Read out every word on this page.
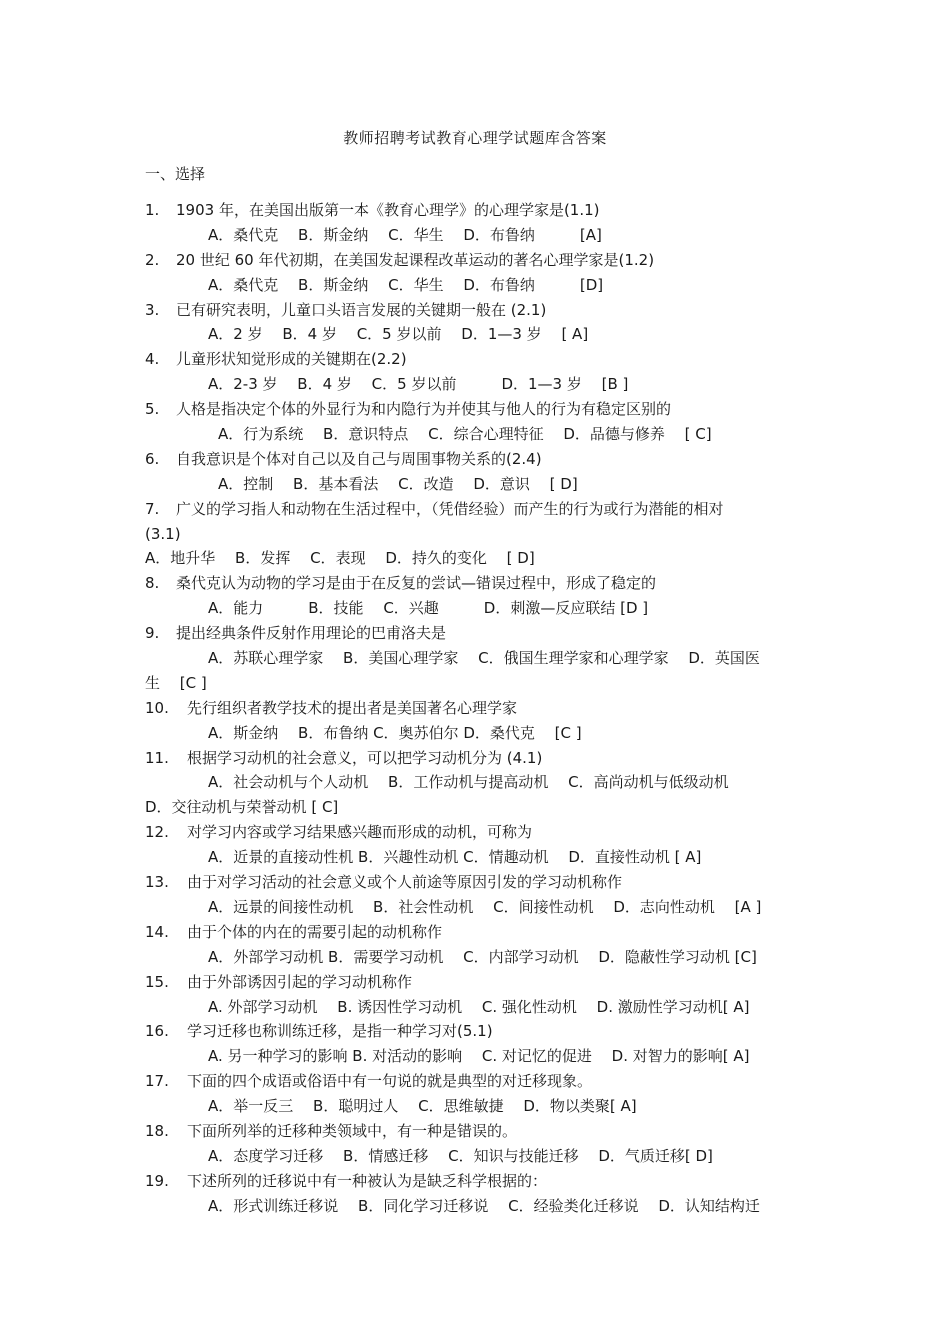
教师招聘考试教育心理学试题库含答案
一、选择
1. 1903 年，在美国出版第一本《教育心理学》的心理学家是(1.1)
A．桑代克　 B．斯金纳　 C．华生　 D．布鲁纳　　　[A]
2. 20 世纪 60 年代初期，在美国发起课程改革运动的著名心理学家是(1.2)
A．桑代克　 B．斯金纳　 C．华生　 D．布鲁纳　　　[D]
3. 已有研究表明，儿童口头语言发展的关键期一般在 (2.1)
A．2 岁　 B．4 岁　 C．5 岁以前　 D．1—3 岁　 [ A]
4. 儿童形状知觉形成的关键期在(2.2)
A．2-3 岁　 B．4 岁　 C．5 岁以前　　　D．1—3 岁　 [B ]
5. 人格是指决定个体的外显行为和内隐行为并使其与他人的行为有稳定区别的
A．行为系统　 B．意识特点　 C．综合心理特征　 D．品德与修养　 [ C]
6. 自我意识是个体对自己以及自己与周围事物关系的(2.4)
A．控制　 B．基本看法　 C．改造　 D．意识　 [ D]
7. 广义的学习指人和动物在生活过程中，（凭借经验）而产生的行为或行为潜能的相对
(3.1)
A．地升华　 B．发挥　 C．表现　 D．持久的变化　 [ D]
8. 桑代克认为动物的学习是由于在反复的尝试—错误过程中，形成了稳定的
A．能力　　　B．技能　 C．兴趣　　　D．刺激—反应联结 [D ]
9. 提出经典条件反射作用理论的巴甫洛夫是
A．苏联心理学家　 B．美国心理学家　 C．俄国生理学家和心理学家　 D．英国医
生　 [C ]
10. 先行组织者教学技术的提出者是美国著名心理学家
A．斯金纳　 B．布鲁纳 C．奥苏伯尔 D．桑代克　 [C ]
11. 根据学习动机的社会意义，可以把学习动机分为 (4.1)
A．社会动机与个人动机　 B．工作动机与提高动机　 C．高尚动机与低级动机
D．交往动机与荣誉动机 [ C]
12. 对学习内容或学习结果感兴趣而形成的动机，可称为
A．近景的直接动性机 B．兴趣性动机 C．情趣动机　 D．直接性动机 [ A]
13. 由于对学习活动的社会意义或个人前途等原因引发的学习动机称作
A．远景的间接性动机　 B．社会性动机　 C．间接性动机　 D．志向性动机　 [A ]
14. 由于个体的内在的需要引起的动机称作
A．外部学习动机 B．需要学习动机　 C．内部学习动机　 D．隐蔽性学习动机 [C]
15. 由于外部诱因引起的学习动机称作
A. 外部学习动机　 B. 诱因性学习动机　 C. 强化性动机　 D. 激励性学习动机[ A]
16. 学习迁移也称训练迁移，是指一种学习对(5.1)
A. 另一种学习的影响 B. 对活动的影响　 C. 对记忆的促进　 D. 对智力的影响[ A]
17. 下面的四个成语或俗语中有一句说的就是典型的对迁移现象。
A．举一反三　 B．聪明过人　 C．思维敏捷　 D．物以类聚[ A]
18. 下面所列举的迁移种类领域中，有一种是错误的。
A．态度学习迁移　 B．情感迁移　 C．知识与技能迁移　 D．气质迁移[ D]
19. 下述所列的迁移说中有一种被认为是缺乏科学根据的：
A．形式训练迁移说　 B．同化学习迁移说　 C．经验类化迁移说　 D．认知结构迁
